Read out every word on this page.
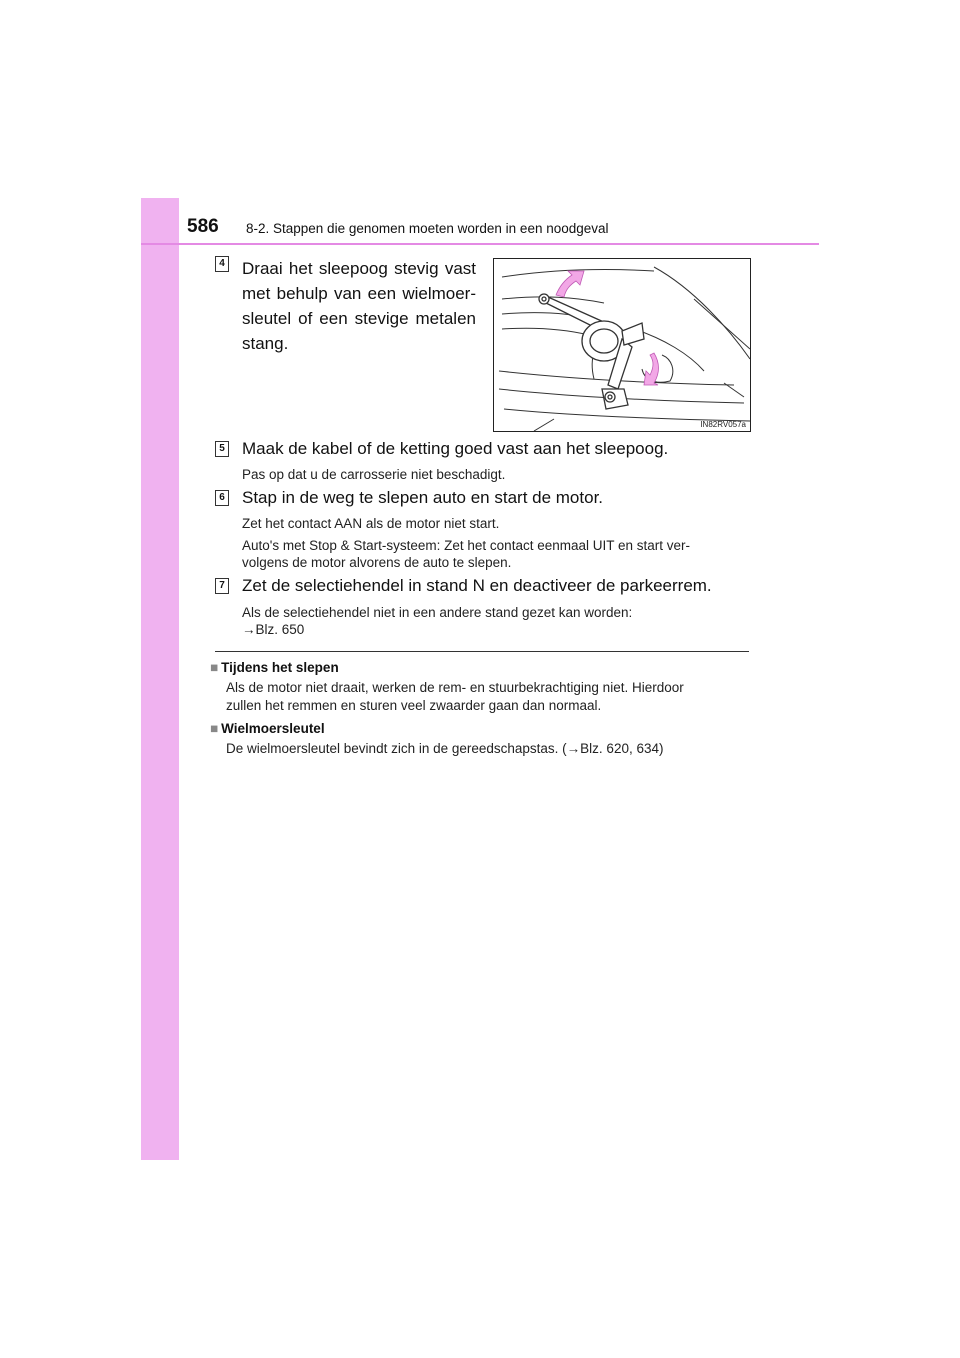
586 8-2. Stappen die genomen moeten worden in een noodgeval
4 Draai het sleepoog stevig vast met behulp van een wielmoer-sleutel of een stevige metalen stang.
IN82RV057a
5 Maak de kabel of de ketting goed vast aan het sleepoog.
Pas op dat u de carrosserie niet beschadigt.
6 Stap in de weg te slepen auto en start de motor.
Zet het contact AAN als de motor niet start.
Auto's met Stop & Start-systeem: Zet het contact eenmaal UIT en start ver-
volgens de motor alvorens de auto te slepen.
7 Zet de selectiehendel in stand N en deactiveer de parkeerrem.
Als de selectiehendel niet in een andere stand gezet kan worden:
→Blz. 650
■ Tijdens het slepen
Als de motor niet draait, werken de rem- en stuurbekrachtiging niet. Hierdoor
zullen het remmen en sturen veel zwaarder gaan dan normaal.
■ Wielmoersleutel
De wielmoersleutel bevindt zich in de gereedschapstas. (→Blz. 620, 634)
